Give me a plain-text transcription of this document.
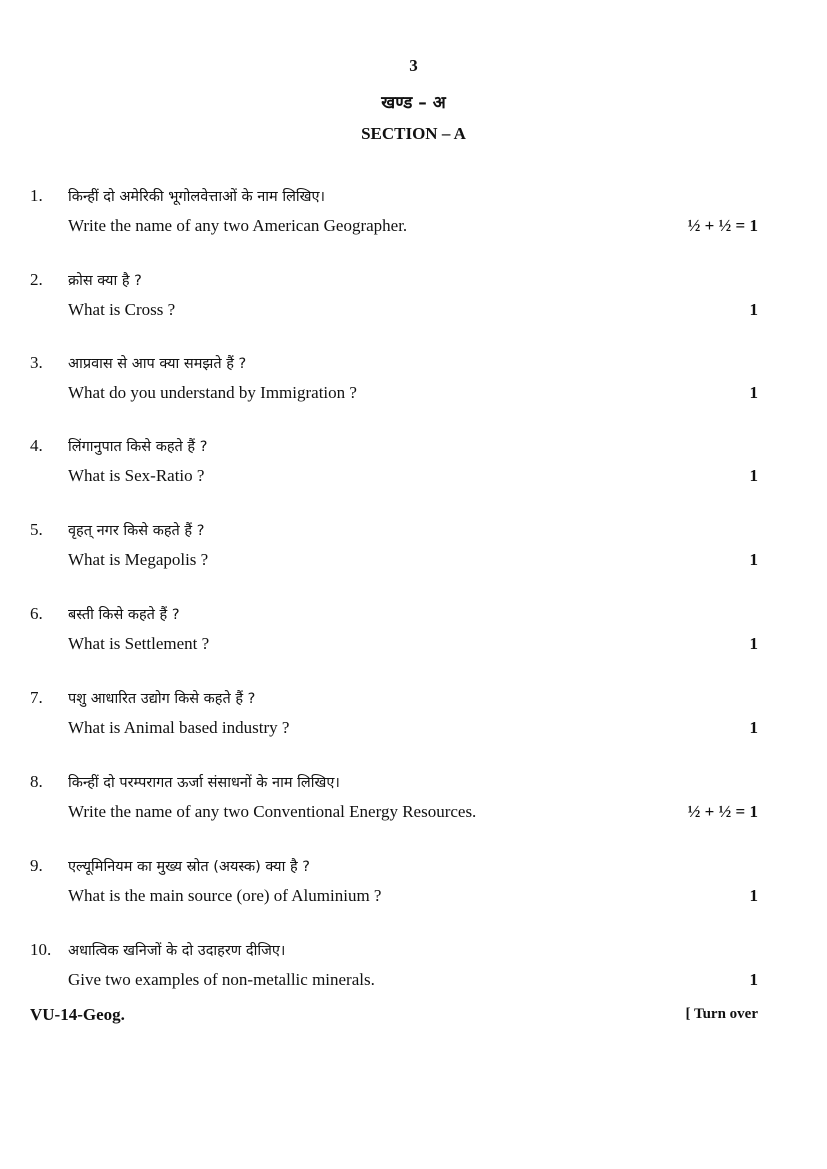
3
खण्ड – अ
SECTION – A
1. किन्हीं दो अमेरिकी भूगोलवेत्ताओं के नाम लिखिए।
Write the name of any two American Geographer.	½ + ½ = 1
2. क्रोस क्या है ?
What is Cross ?	1
3. आप्रवास से आप क्या समझते हैं ?
What do you understand by Immigration ?	1
4. लिंगानुपात किसे कहते हैं ?
What is Sex-Ratio ?	1
5. वृहत् नगर किसे कहते हैं ?
What is Megapolis ?	1
6. बस्ती किसे कहते हैं ?
What is Settlement ?	1
7. पशु आधारित उद्योग किसे कहते हैं ?
What is Animal based industry ?	1
8. किन्हीं दो परम्परागत ऊर्जा संसाधनों के नाम लिखिए।
Write the name of any two Conventional Energy Resources.	½ + ½ = 1
9. एल्यूमिनियम का मुख्य स्रोत (अयस्क) क्या है ?
What is the main source (ore) of Aluminium ?	1
10. अधात्विक खनिजों के दो उदाहरण दीजिए।
Give two examples of non-metallic minerals.	1
VU-14-Geog.	[ Turn over
